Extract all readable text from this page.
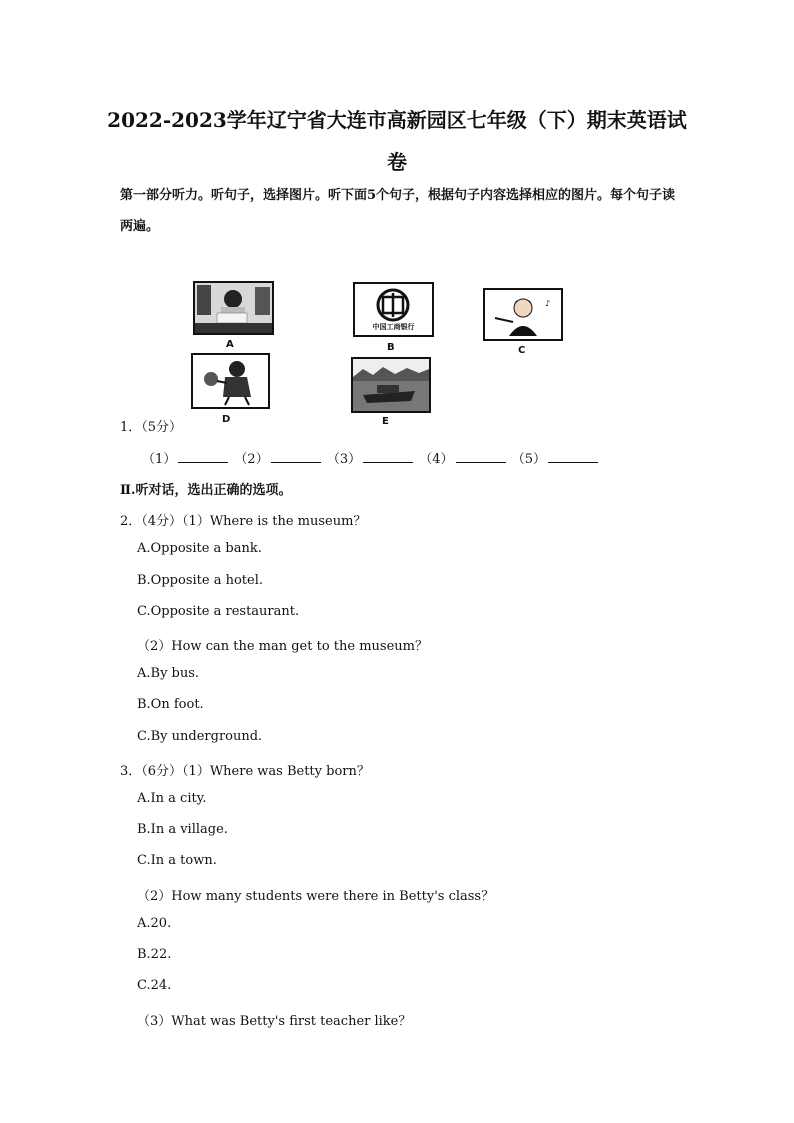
2022-2023学年辽宁省大连市高新园区七年级（下）期末英语试
卷
第一部分听力。听句子，选择图片。听下面5个句子，根据句子内容选择相应的图片。每个句子读两遍。
A
中国工商银行
B
♪
C
D	E
1．（5分）
（1）	（2）	（3）	（4）	（5）
Ⅱ.听对话，选出正确的选项。
2．（4分）（1）Where is the museum？
A.Opposite a bank.
B.Opposite a hotel.
C.Opposite a restaurant.
（2）How can the man get to the museum？
A.By bus.
B.On foot.
C.By underground.
3．（6分）（1）Where was Betty born？
A.In a city.
B.In a village.
C.In a town.
（2）How many students were there in Betty's class？
A.20.
B.22.
C.24.
（3）What was Betty's first teacher like？
